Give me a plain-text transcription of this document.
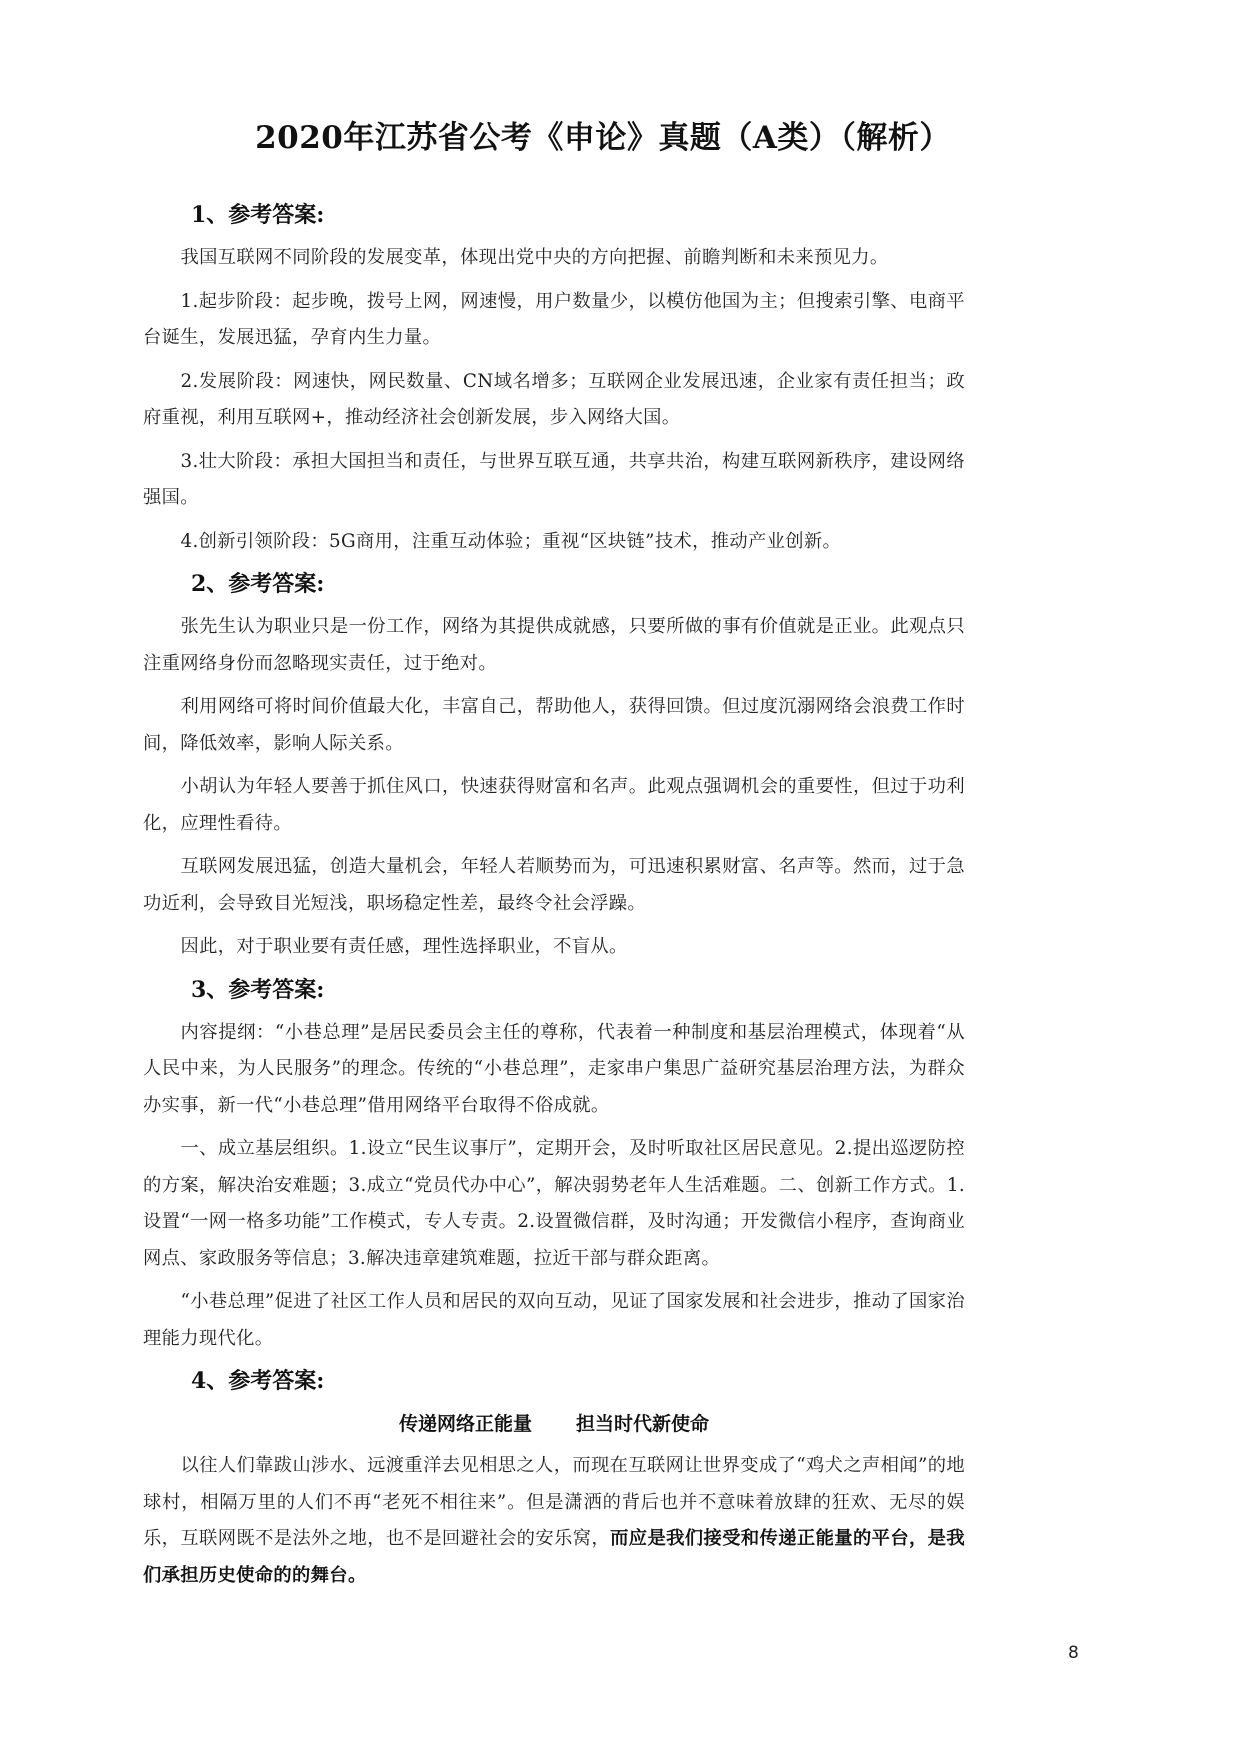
2020年江苏省公考《申论》真题（A类）（解析）
1、参考答案:

我国互联网不同阶段的发展变革，体现出党中央的方向把握、前瞻判断和未来预见力。

1.起步阶段：起步晚，拨号上网，网速慢，用户数量少，以模仿他国为主；但搜索引擎、电商平台诞生，发展迅猛，孕育内生力量。

2.发展阶段：网速快，网民数量、CN域名增多；互联网企业发展迅速，企业家有责任担当；政府重视，利用互联网+，推动经济社会创新发展，步入网络大国。

3.壮大阶段：承担大国担当和责任，与世界互联互通，共享共治，构建互联网新秩序，建设网络强国。

4.创新引领阶段：5G商用，注重互动体验；重视“区块链”技术，推动产业创新。

2、参考答案:

张先生认为职业只是一份工作，网络为其提供成就感，只要所做的事有价值就是正业。此观点只注重网络身份而忽略现实责任，过于绝对。

利用网络可将时间价值最大化，丰富自己，帮助他人，获得回馈。但过度沉溺网络会浪费工作时间，降低效率，影响人际关系。

小胡认为年轻人要善于抓住风口，快速获得财富和名声。此观点强调机会的重要性，但过于功利化，应理性看待。

互联网发展迅猛，创造大量机会，年轻人若顺势而为，可迅速积累财富、名声等。然而，过于急功近利，会导致目光短浅，职场稳定性差，最终令社会浮躁。

因此，对于职业要有责任感，理性选择职业，不盲从。

3、参考答案:

内容提纲：“小巷总理”是居民委员会主任的尊称，代表着一种制度和基层治理模式，体现着“从人民中来，为人民服务”的理念。传统的“小巷总理”，走家串户集思广益研究基层治理方法，为群众办实事，新一代“小巷总理”借用网络平台取得不俗成就。

一、成立基层组织。1.设立“民生议事厅”，定期开会，及时听取社区居民意见。2.提出巡逻防控的方案，解决治安难题；3.成立“党员代办中心”，解决弱势老年人生活难题。二、创新工作方式。1.设置“一网一格多功能”工作模式，专人专责。2.设置微信群，及时沟通；开发微信小程序，查询商业网点、家政服务等信息；3.解决违章建筑难题，拉近干部与群众距离。

“小巷总理”促进了社区工作人员和居民的双向互动，见证了国家发展和社会进步，推动了国家治理能力现代化。

4、参考答案:
传递网络正能量 担当时代新使命

以往人们靠跋山涉水、远渡重洋去见相思之人，而现在互联网让世界变成了“鸡犬之声相闻”的地球村，相隔万里的人们不再“老死不相往来”。但是潇洒的背后也并不意味着放肆的狂欢、无尽的娱乐，互联网既不是法外之地，也不是回避社会的安乐窝，而应是我们接受和传递正能量的平台，是我们承担历史使命的的舞台。

8
